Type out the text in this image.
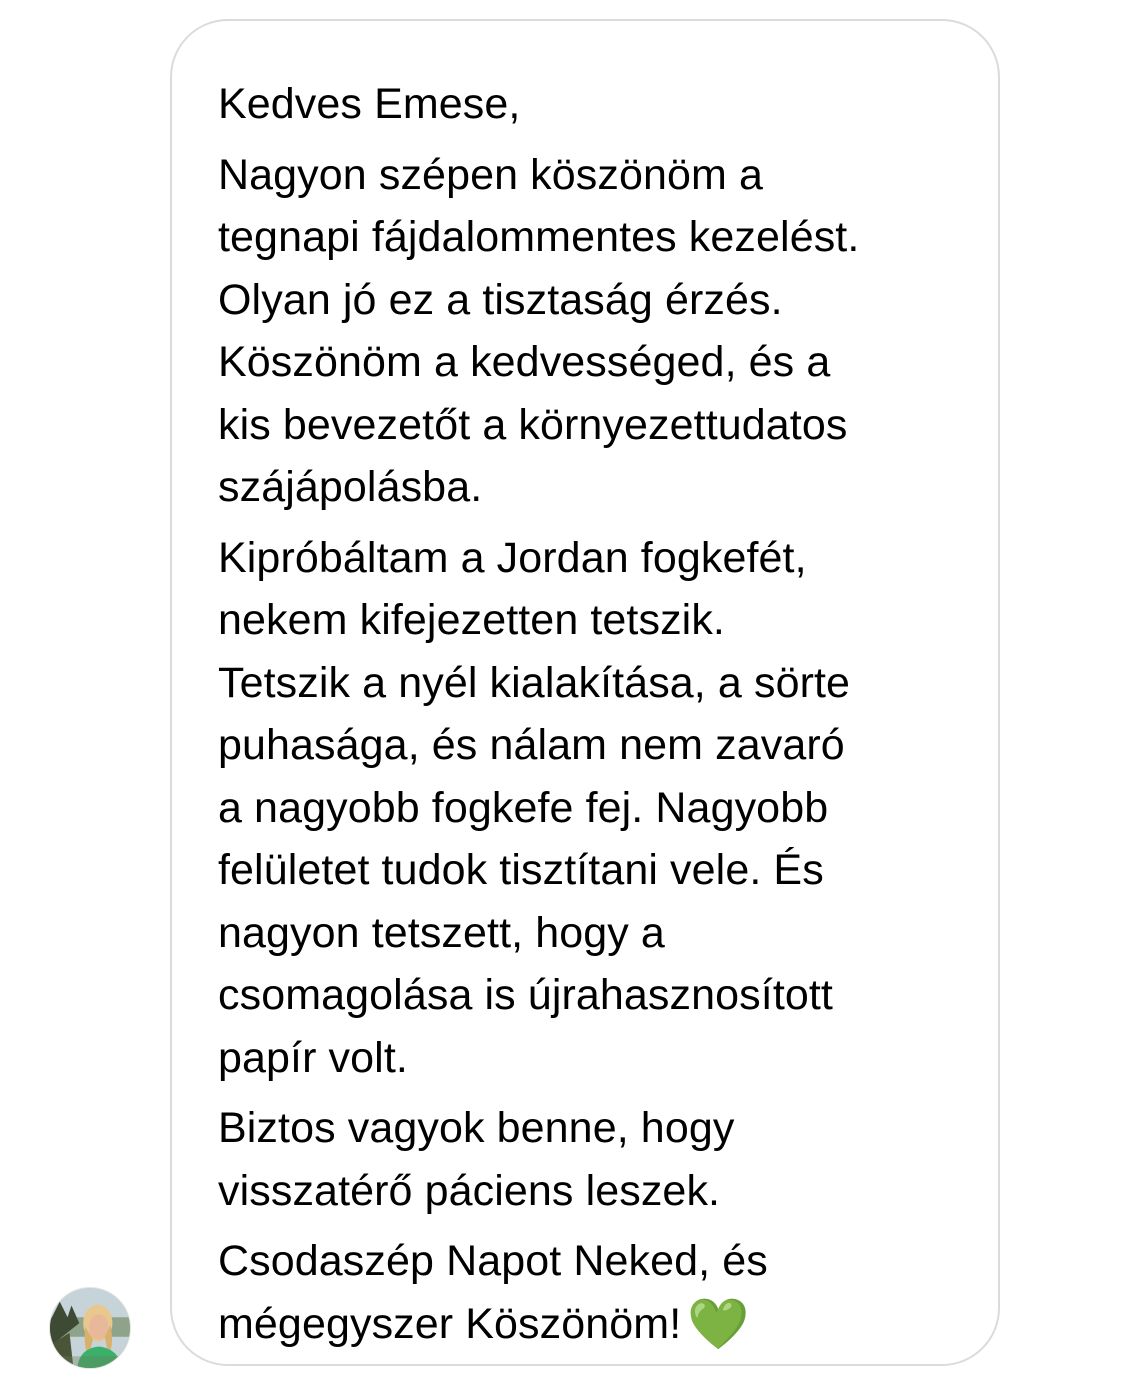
Kedves Emese,

Nagyon szépen köszönöm a
tegnapi fájdalommentes kezelést.
Olyan jó ez a tisztaság érzés.
Köszönöm a kedvességed, és a
kis bevezetőt a környezettudatos
szájápolásba.

Kipróbáltam a Jordan fogkefét,
nekem kifejezetten tetszik.
Tetszik a nyél kialakítása, a sörte
puhasága, és nálam nem zavaró
a nagyobb fogkefe fej. Nagyobb
felületet tudok tisztítani vele. És
nagyon tetszett, hogy a
csomagolása is újrahasznosított
papír volt.

Biztos vagyok benne, hogy
visszatérő páciens leszek.

Csodaszép Napot Neked, és
mégegyszer Köszönöm! 💚
